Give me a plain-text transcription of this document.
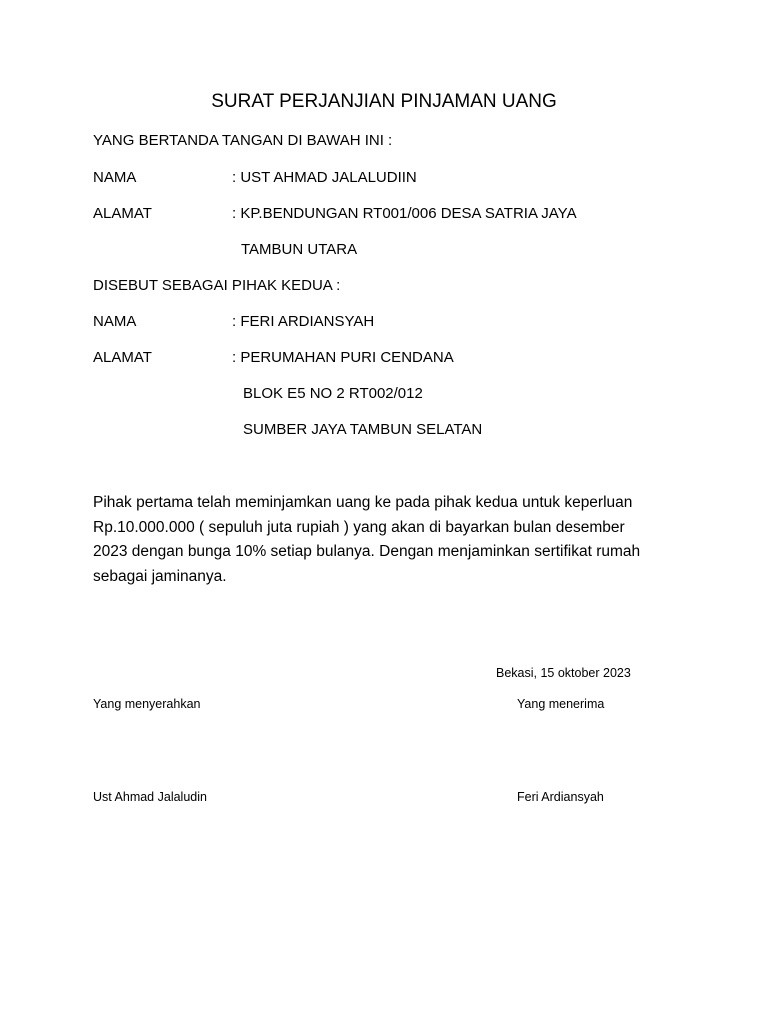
SURAT PERJANJIAN PINJAMAN UANG
YANG BERTANDA TANGAN DI BAWAH INI :
NAMA	: UST AHMAD JALALUDIIN
ALAMAT	: KP.BENDUNGAN RT001/006 DESA SATRIA JAYA
TAMBUN UTARA
DISEBUT SEBAGAI PIHAK KEDUA :
NAMA	: FERI ARDIANSYAH
ALAMAT	: PERUMAHAN PURI CENDANA
BLOK E5 NO 2 RT002/012
SUMBER JAYA TAMBUN SELATAN
Pihak pertama telah meminjamkan uang ke pada pihak kedua untuk keperluan
Rp.10.000.000 ( sepuluh juta rupiah ) yang akan di bayarkan bulan desember
2023 dengan bunga 10% setiap bulanya. Dengan menjaminkan sertifikat rumah
sebagai jaminanya.
Bekasi, 15 oktober 2023
Yang menyerahkan	Yang menerima
Ust Ahmad Jalaludin	Feri Ardiansyah
